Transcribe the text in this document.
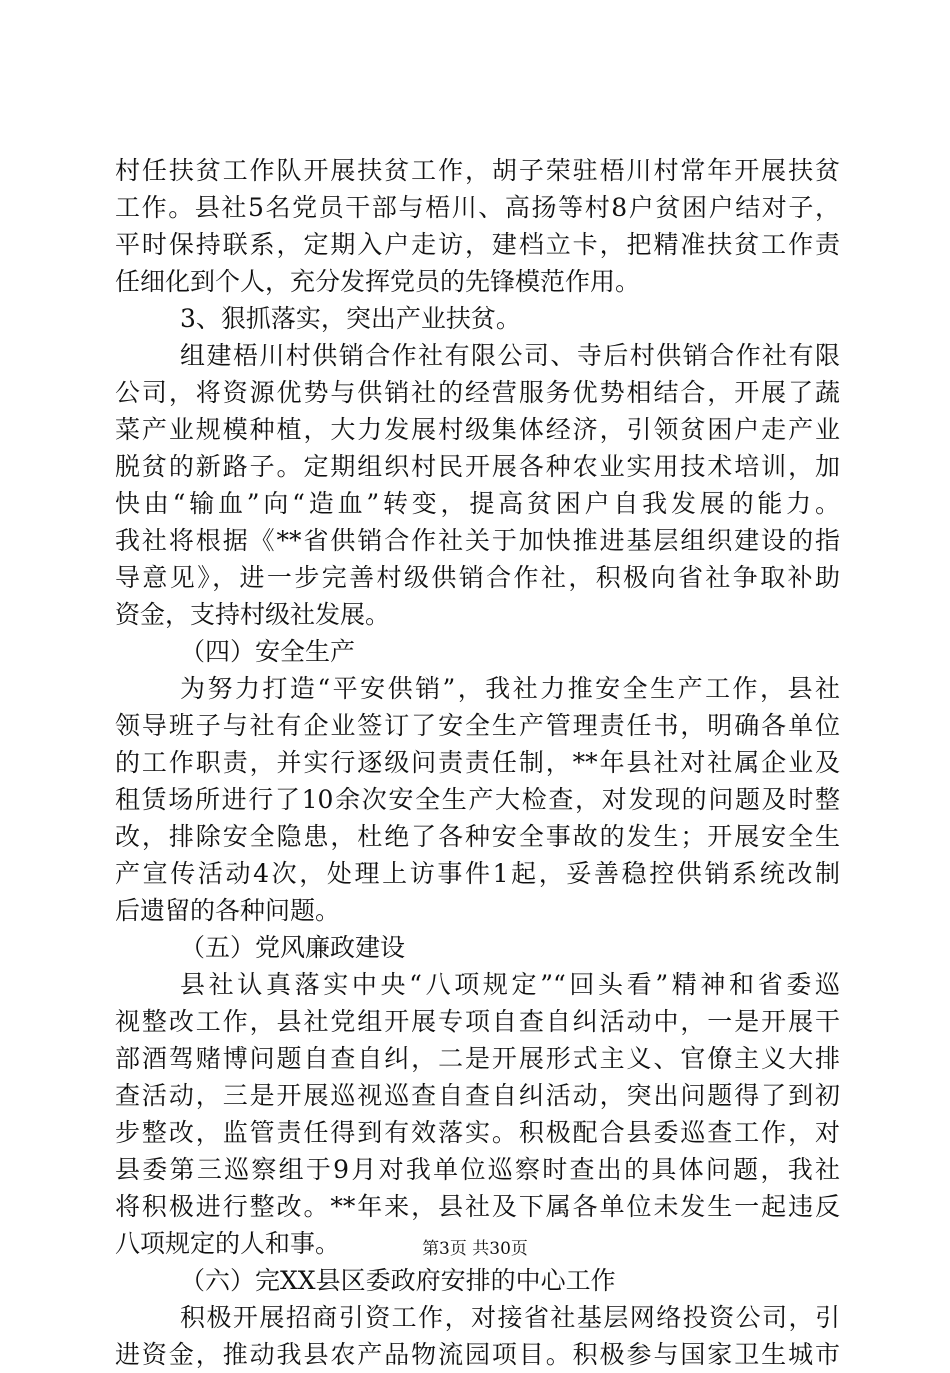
村任扶贫工作队开展扶贫工作，胡子荣驻梧川村常年开展扶贫
工作。县社5名党员干部与梧川、高扬等村8户贫困户结对子，
平时保持联系，定期入户走访，建档立卡，把精准扶贫工作责
任细化到个人，充分发挥党员的先锋模范作用。
3、狠抓落实，突出产业扶贫。
组建梧川村供销合作社有限公司、寺后村供销合作社有限
公司，将资源优势与供销社的经营服务优势相结合，开展了蔬
菜产业规模种植，大力发展村级集体经济，引领贫困户走产业
脱贫的新路子。定期组织村民开展各种农业实用技术培训，加
快由“输血”向“造血”转变，提高贫困户自我发展的能力。
我社将根据《**省供销合作社关于加快推进基层组织建设的指
导意见》，进一步完善村级供销合作社，积极向省社争取补助
资金，支持村级社发展。
（四）安全生产
为努力打造“平安供销”，我社力推安全生产工作，县社
领导班子与社有企业签订了安全生产管理责任书，明确各单位
的工作职责，并实行逐级问责责任制，**年县社对社属企业及
租赁场所进行了10余次安全生产大检查，对发现的问题及时整
改，排除安全隐患，杜绝了各种安全事故的发生；开展安全生
产宣传活动4次，处理上访事件1起，妥善稳控供销系统改制
后遗留的各种问题。
（五）党风廉政建设
县社认真落实中央“八项规定”“回头看”精神和省委巡
视整改工作，县社党组开展专项自查自纠活动中，一是开展干
部酒驾赌博问题自查自纠，二是开展形式主义、官僚主义大排
查活动，三是开展巡视巡查自查自纠活动，突出问题得了到初
步整改，监管责任得到有效落实。积极配合县委巡查工作，对
县委第三巡察组于9月对我单位巡察时查出的具体问题，我社
将积极进行整改。**年来，县社及下属各单位未发生一起违反
八项规定的人和事。
（六）完XX县区委政府安排的中心工作
积极开展招商引资工作，对接省社基层网络投资公司，引
进资金，推动我县农产品物流园项目。积极参与国家卫生城市
第3页 共30页
